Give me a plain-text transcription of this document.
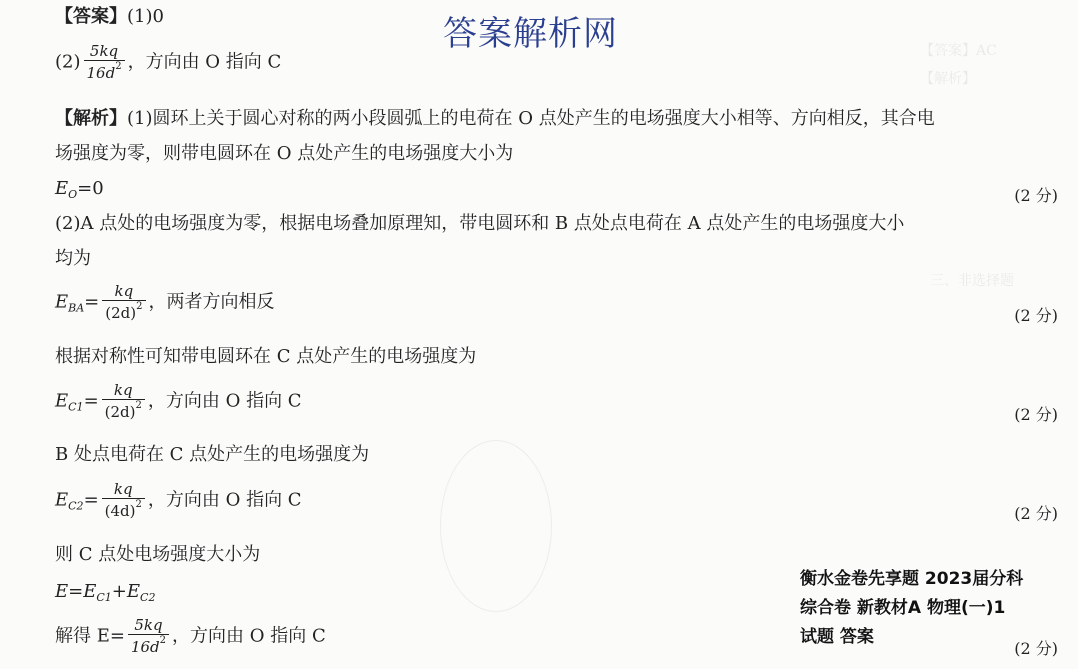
【答案】AC
【解析】
三、非选择题
答案解析网
【答案】(1)0
$(2) \frac{5kq}{16d^2}$ ，方向由 O 指向 C
【解析】(1)圆环上关于圆心对称的两小段圆弧上的电荷在 O 点处产生的电场强度大小相等、方向相反，其合电
场强度为零，则带电圆环在 O 点处产生的电场强度大小为
$E_O=0$	(2 分)
(2)A 点处的电场强度为零，根据电场叠加原理知，带电圆环和 B 点处点电荷在 A 点处产生的电场强度大小
均为
$E_{BA}= \frac{kq}{(2d)^2}$ ，两者方向相反
(2 分)
根据对称性可知带电圆环在 C 点处产生的电场强度为
$E_{C1}= \frac{kq}{(2d)^2}$ ，方向由 O 指向 C
(2 分)
B 处点电荷在 C 点处产生的电场强度为
$E_{C2}= \frac{kq}{(4d)^2}$ ，方向由 O 指向 C
(2 分)
则 C 点处电场强度大小为
$E=E_{C1}+E_{C2}$
解得 $E= \frac{5kq}{16d^2}$ ，方向由 O 指向 C
(2 分)
衡水金卷先享题 2023届分科
综合卷 新教材A 物理(一)1
试题 答案
